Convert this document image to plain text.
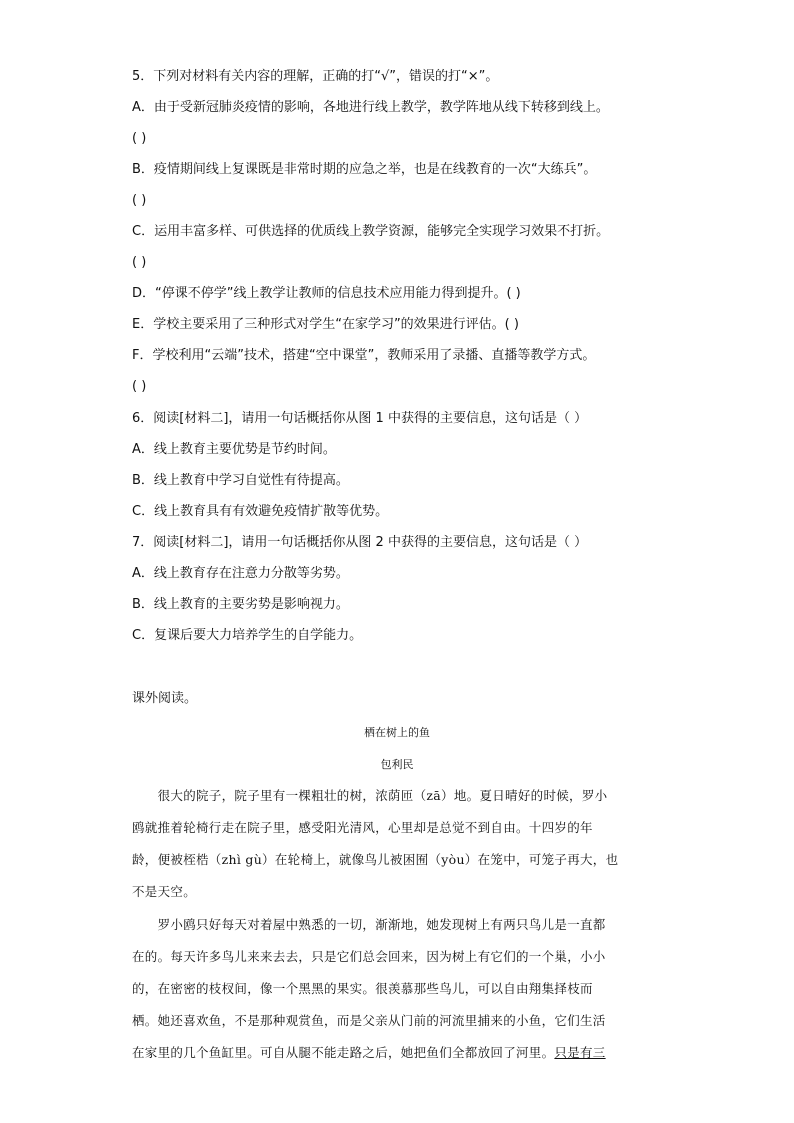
5．下列对材料有关内容的理解，正确的打“√”，错误的打“×”。
A．由于受新冠肺炎疫情的影响，各地进行线上教学，教学阵地从线下转移到线上。
( )
B．疫情期间线上复课既是非常时期的应急之举，也是在线教育的一次“大练兵”。
( )
C．运用丰富多样、可供选择的优质线上教学资源，能够完全实现学习效果不打折。
( )
D．“停课不停学”线上教学让教师的信息技术应用能力得到提升。( )
E．学校主要采用了三种形式对学生“在家学习”的效果进行评估。( )
F．学校利用“云端”技术，搭建“空中课堂”，教师采用了录播、直播等教学方式。
( )
6．阅读[材料二]，请用一句话概括你从图 1 中获得的主要信息，这句话是（ ）
A．线上教育主要优势是节约时间。
B．线上教育中学习自觉性有待提高。
C．线上教育具有有效避免疫情扩散等优势。
7．阅读[材料二]，请用一句话概括你从图 2 中获得的主要信息，这句话是（ ）
A．线上教育存在注意力分散等劣势。
B．线上教育的主要劣势是影响视力。
C．复课后要大力培养学生的自学能力。
课外阅读。
栖在树上的鱼
包利民
　　很大的院子，院子里有一棵粗壮的树，浓荫匝（zā）地。夏日晴好的时候，罗小
鸥就推着轮椅行走在院子里，感受阳光清风，心里却是总觉不到自由。十四岁的年
龄，便被桎梏（zhì gù）在轮椅上，就像鸟儿被困囿（yòu）在笼中，可笼子再大，也
不是天空。
　　罗小鸥只好每天对着屋中熟悉的一切，渐渐地，她发现树上有两只鸟儿是一直都
在的。每天许多鸟儿来来去去，只是它们总会回来，因为树上有它们的一个巢，小小
的，在密密的枝杈间，像一个黑黑的果实。很羡慕那些鸟儿，可以自由翔集择枝而
栖。她还喜欢鱼，不是那种观赏鱼，而是父亲从门前的河流里捕来的小鱼，它们生活
在家里的几个鱼缸里。可自从腿不能走路之后，她把鱼们全都放回了河里。只是有三
